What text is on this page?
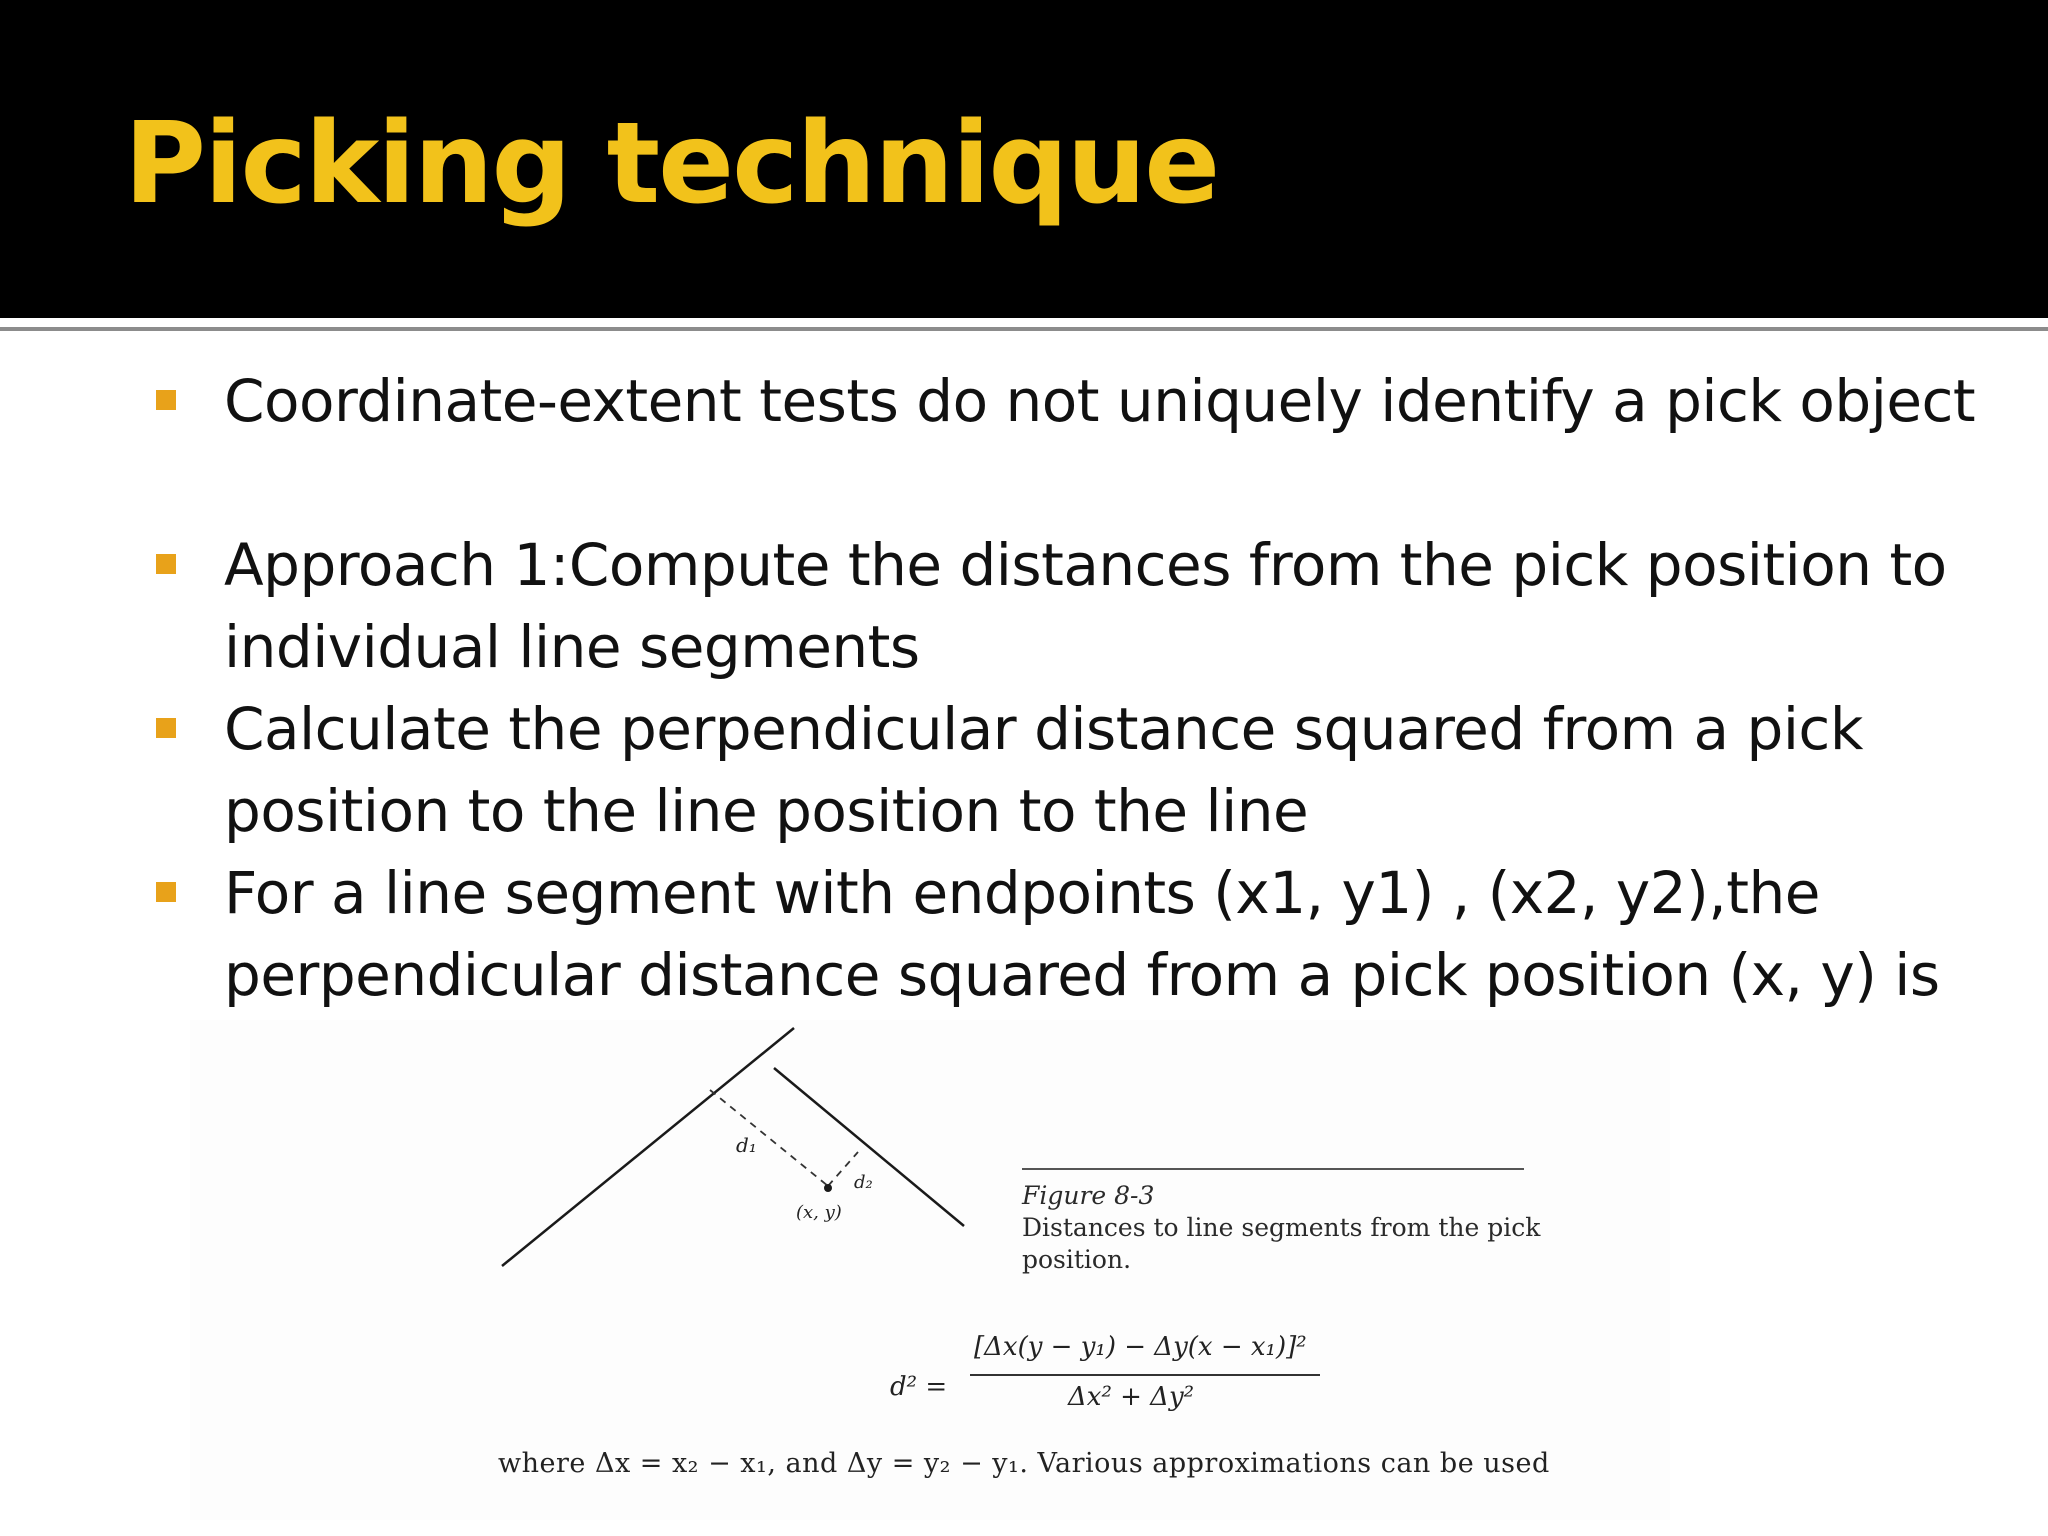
Picking technique
Coordinate-extent tests do not uniquely identify a pick object
Approach 1:Compute the distances from the pick position to individual line segments
Calculate the perpendicular distance squared from a pick position to the line position to the line
For a line segment with endpoints (x1, y1) , (x2, y2),the perpendicular distance squared from a pick position (x, y) is
d₁
d₂
(x, y)
Figure 8-3
Distances to line segments from the pick position.
d² =
[Δx(y − y₁) − Δy(x − x₁)]²
Δx² + Δy²
where Δx = x₂ − x₁, and Δy = y₂ − y₁. Various approximations can be used
